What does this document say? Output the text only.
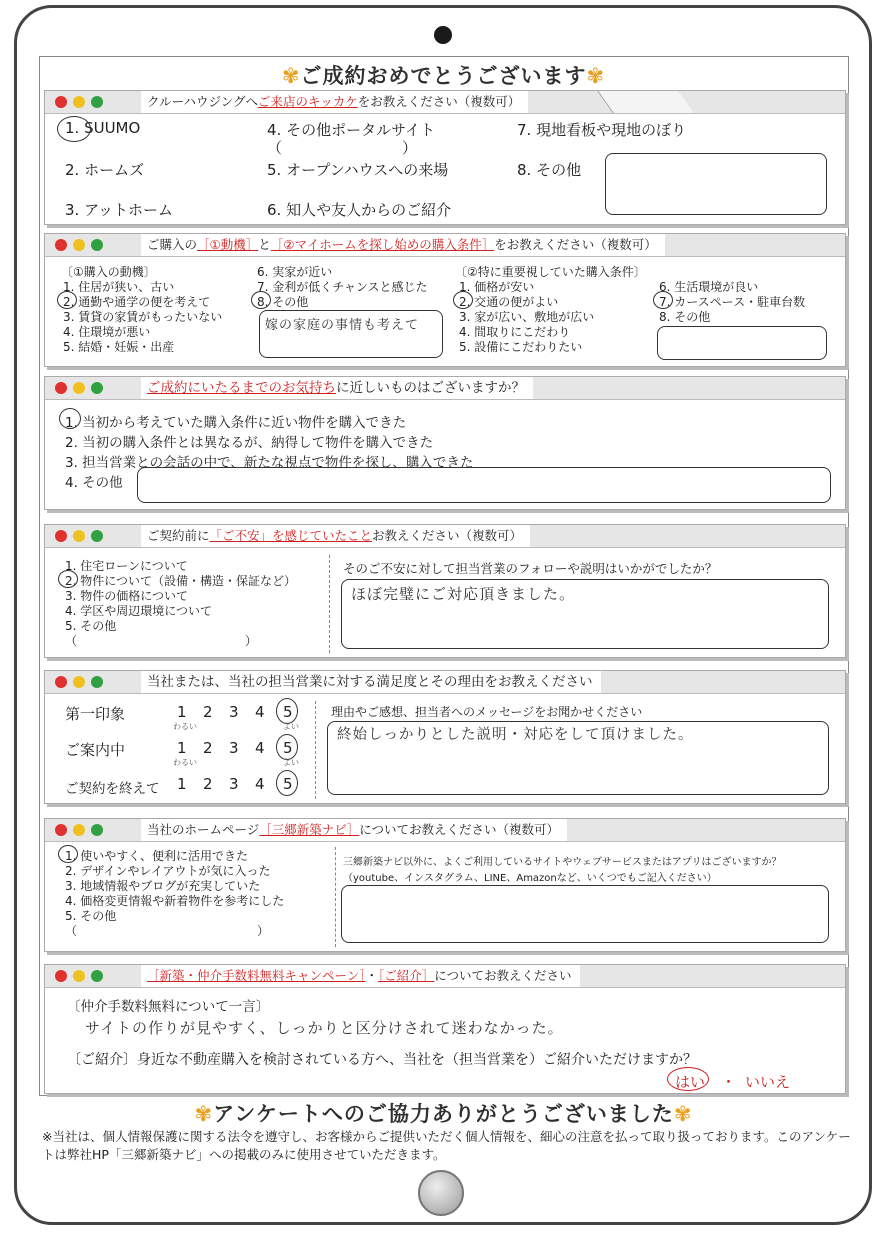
✾ご成約おめでとうございます✾
クルーハウジングへご来店のキッカケをお教えください（複数可）
1. SUUMO
2. ホームズ
3. アットホーム
4. その他ポータルサイト
（　　　　　　　　）
5. オープンハウスへの来場
6. 知人や友人からのご紹介
7. 現地看板や現地のぼり
8. その他
ご購入の［①動機］と［②マイホームを探し始めの購入条件］をお教えください（複数可）
〔①購入の動機〕
1. 住居が狭い、古い
2. 通勤や通学の便を考えて
3. 賃貸の家賃がもったいない
4. 住環境が悪い
5. 結婚・妊娠・出産
6. 実家が近い
7. 金利が低くチャンスと感じた
8. その他
嫁の家庭の事情も考えて
〔②特に重要視していた購入条件〕
1. 価格が安い
2. 交通の便がよい
3. 家が広い、敷地が広い
4. 間取りにこだわり
5. 設備にこだわりたい
6. 生活環境が良い
7. カースペース・駐車台数
8. その他
ご成約にいたるまでのお気持ちに近しいものはございますか？
1. 当初から考えていた購入条件に近い物件を購入できた
2. 当初の購入条件とは異なるが、納得して物件を購入できた
3. 担当営業との会話の中で、新たな視点で物件を探し、購入できた
4. その他
ご契約前に「ご不安」を感じていたことお教えください（複数可）
1. 住宅ローンについて
2. 物件について（設備・構造・保証など）
3. 物件の価格について
4. 学区や周辺環境について
5. その他
（　　　　　　　　　　　　　　）
そのご不安に対して担当営業のフォローや説明はいかがでしたか？
ほぼ完璧にご対応頂きました。
当社または、当社の担当営業に対する満足度とその理由をお教えください
第一印象	1 2 3 4 5
わるい	よい
ご案内中	1 2 3 4 5
わるい	よい
ご契約を終えて 1 2 3 4 5
理由やご感想、担当者へのメッセージをお聞かせください
終始しっかりとした説明・対応をして頂けました。
当社のホームページ［三郷新築ナビ］についてお教えください（複数可）
1. 使いやすく、便利に活用できた
2. デザインやレイアウトが気に入った
3. 地域情報やブログが充実していた
4. 価格変更情報や新着物件を参考にした
5. その他
（　　　　　　　　　　　　　　　）
三郷新築ナビ以外に、よくご利用しているサイトやウェブサービスまたはアプリはございますか？
（youtube、インスタグラム、LINE、Amazonなど、いくつでもご記入ください）
［新築・仲介手数料無料キャンペーン］・［ご紹介］についてお教えください
〔仲介手数料無料について一言〕
サイトの作りが見やすく、しっかりと区分けされて迷わなかった。
〔ご紹介〕身近な不動産購入を検討されている方へ、当社を（担当営業を）ご紹介いただけますか？
はい ・ いいえ
✾アンケートへのご協力ありがとうございました✾
※当社は、個人情報保護に関する法令を遵守し、お客様からご提供いただく個人情報を、細心の注意を払って取り扱っております。このアンケートは弊社HP「三郷新築ナビ」への掲載のみに使用させていただきます。
